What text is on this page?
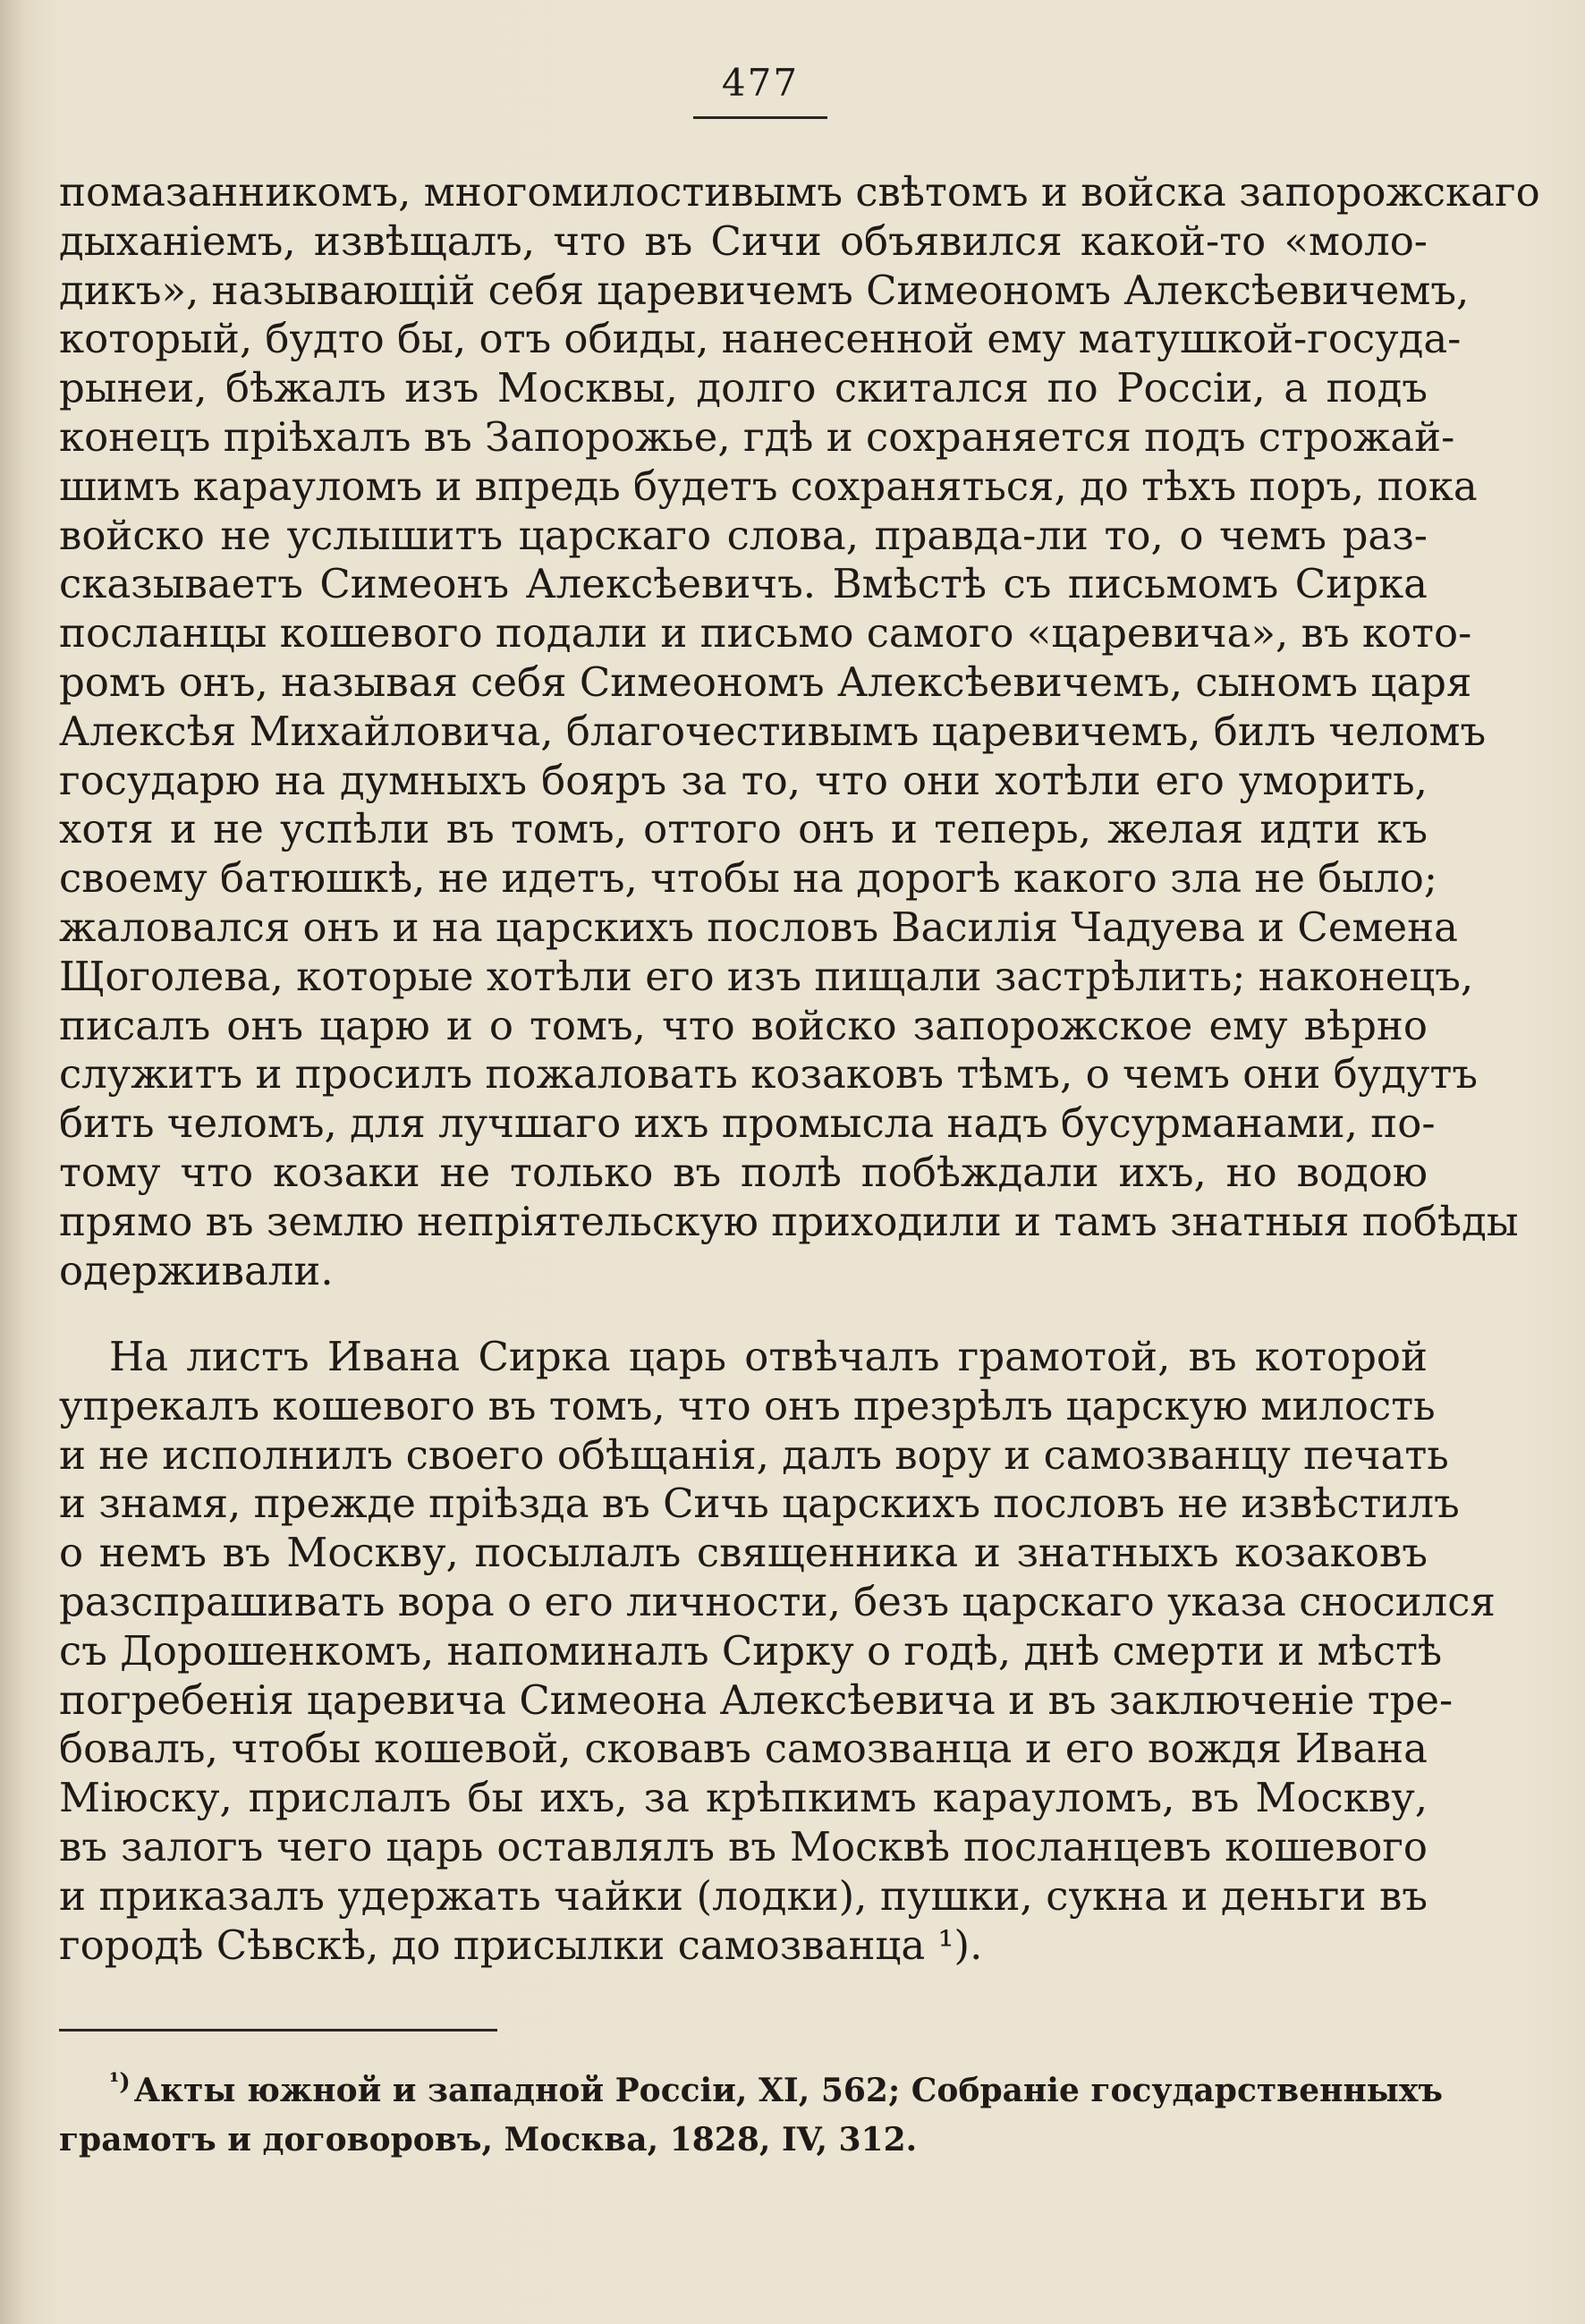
477
помазанникомъ, многомилостивымъ свѣтомъ и войска запорожскаго
дыханіемъ, извѣщалъ, что въ Сичи объявился какой-то «моло-
дикъ», называющій себя царевичемъ Симеономъ Алексѣевичемъ,
который, будто бы, отъ обиды, нанесенной ему матушкой-госуда-
рынеи, бѣжалъ изъ Москвы, долго скитался по Россіи, а подъ
конецъ пріѣхалъ въ Запорожье, гдѣ и сохраняется подъ строжай-
шимъ карауломъ и впредь будетъ сохраняться, до тѣхъ поръ, пока
войско не услышитъ царскаго слова, правда-ли то, о чемъ раз-
сказываетъ Симеонъ Алексѣевичъ. Вмѣстѣ съ письмомъ Сирка
посланцы кошевого подали и письмо самого «царевича», въ кото-
ромъ онъ, называя себя Симеономъ Алексѣевичемъ, сыномъ царя
Алексѣя Михайловича, благочестивымъ царевичемъ, билъ челомъ
государю на думныхъ бояръ за то, что они хотѣли его уморить,
хотя и не успѣли въ томъ, оттого онъ и теперь, желая идти къ
своему батюшкѣ, не идетъ, чтобы на дорогѣ какого зла не было;
жаловался онъ и на царскихъ пословъ Василія Чадуева и Семена
Щоголева, которые хотѣли его изъ пищали застрѣлить; наконецъ,
писалъ онъ царю и о томъ, что войско запорожское ему вѣрно
служитъ и просилъ пожаловать козаковъ тѣмъ, о чемъ они будутъ
бить челомъ, для лучшаго ихъ промысла надъ бусурманами, по-
тому что козаки не только въ полѣ побѣждали ихъ, но водою
прямо въ землю непріятельскую приходили и тамъ знатныя побѣды
одерживали.
На листъ Ивана Сирка царь отвѣчалъ грамотой, въ которой
упрекалъ кошевого въ томъ, что онъ презрѣлъ царскую милость
и не исполнилъ своего обѣщанія, далъ вору и самозванцу печать
и знамя, прежде пріѣзда въ Сичь царскихъ пословъ не извѣстилъ
о немъ въ Москву, посылалъ священника и знатныхъ козаковъ
разспрашивать вора о его личности, безъ царскаго указа сносился
съ Дорошенкомъ, напоминалъ Сирку о годѣ, днѣ смерти и мѣстѣ
погребенія царевича Симеона Алексѣевича и въ заключеніе тре-
бовалъ, чтобы кошевой, сковавъ самозванца и его вождя Ивана
Міюску, прислалъ бы ихъ, за крѣпкимъ карауломъ, въ Москву,
въ залогъ чего царь оставлялъ въ Москвѣ посланцевъ кошевого
и приказалъ удержать чайки (лодки), пушки, сукна и деньги въ
городѣ Сѣвскѣ, до присылки самозванца ¹).
$^{^1)}$ Акты южной и западной Россіи, XI, 562; Собраніе государственныхъ
грамотъ и договоровъ, Москва, 1828, IV, 312.
